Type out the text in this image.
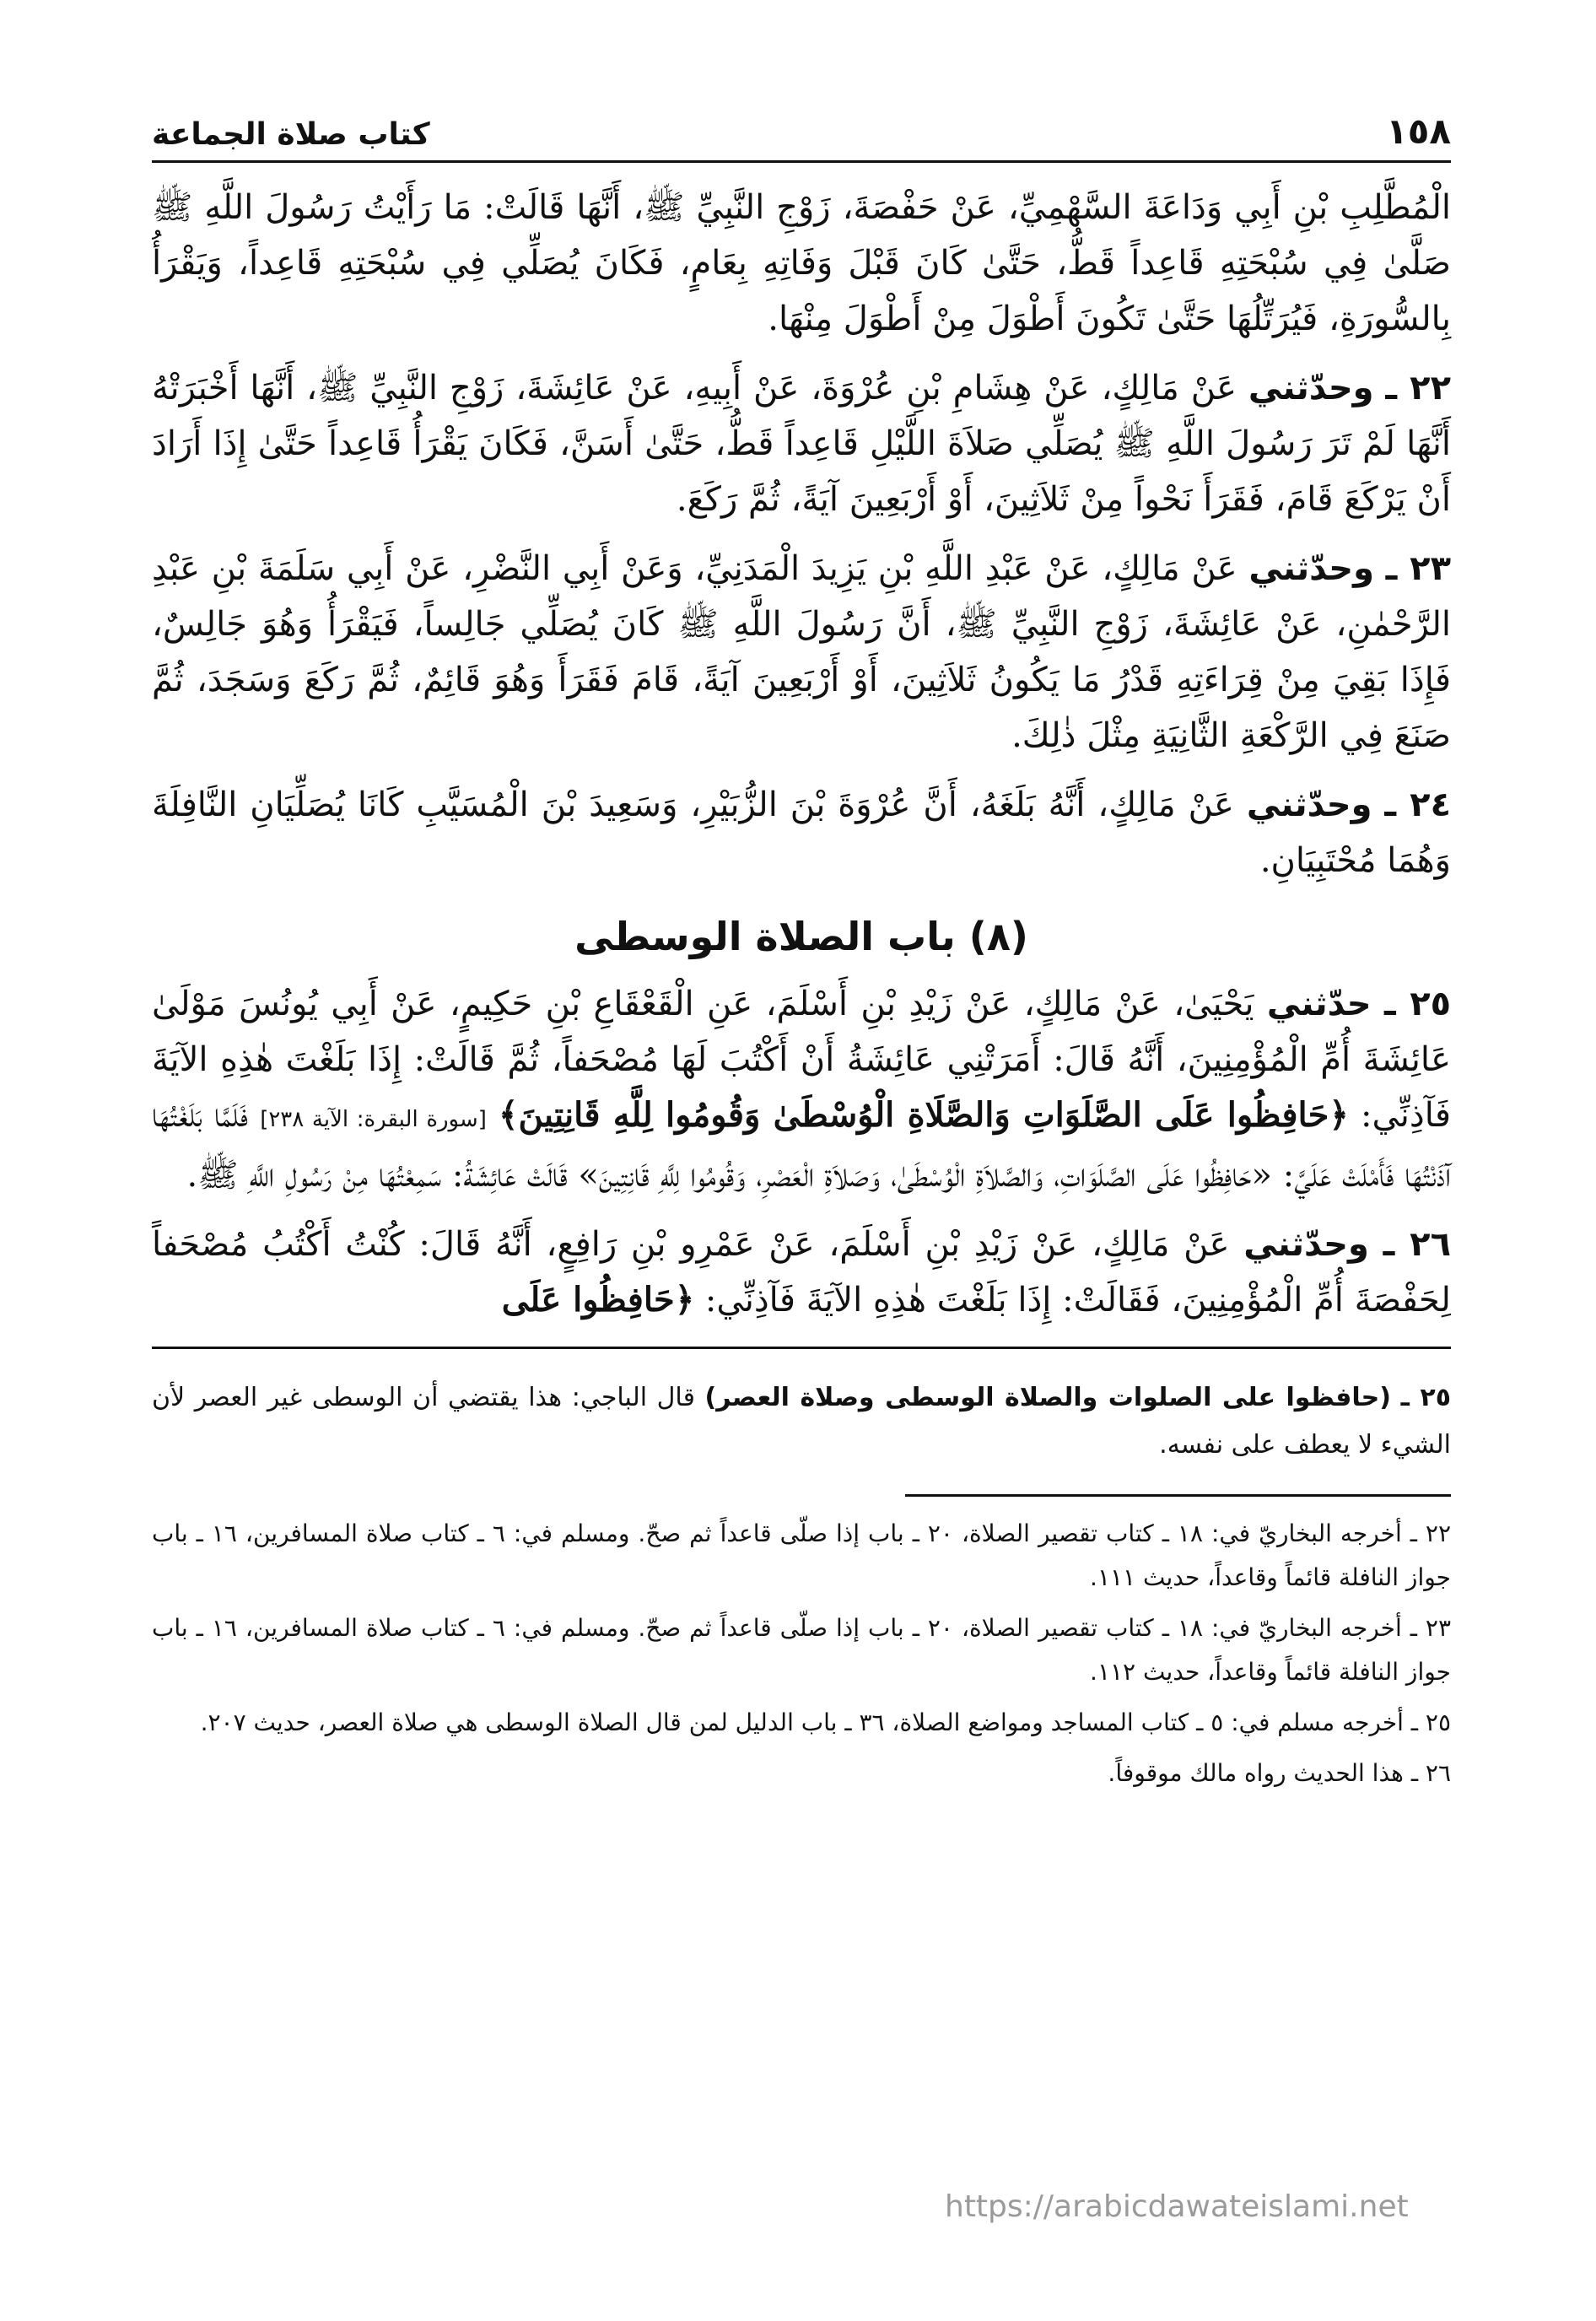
١٥٨
كتاب صلاة الجماعة

الْمُطَّلِبِ بْنِ أَبِي وَدَاعَةَ السَّهْمِيِّ، عَنْ حَفْصَةَ، زَوْجِ النَّبِيِّ ﷺ، أَنَّهَا قَالَتْ: مَا رَأَيْتُ رَسُولَ اللَّهِ ﷺ صَلَّىٰ فِي سُبْحَتِهِ قَاعِداً قَطُّ، حَتَّىٰ كَانَ قَبْلَ وَفَاتِهِ بِعَامٍ، فَكَانَ يُصَلِّي فِي سُبْحَتِهِ قَاعِداً، وَيَقْرَأُ بِالسُّورَةِ، فَيُرَتِّلُهَا حَتَّىٰ تَكُونَ أَطْوَلَ مِنْ أَطْوَلَ مِنْهَا.

٢٢ ـ وحدّثني عَنْ مَالِكٍ، عَنْ هِشَامِ بْنِ عُرْوَةَ، عَنْ أَبِيهِ، عَنْ عَائِشَةَ، زَوْجِ النَّبِيِّ ﷺ، أَنَّهَا أَخْبَرَتْهُ أَنَّهَا لَمْ تَرَ رَسُولَ اللَّهِ ﷺ يُصَلِّي صَلاَةَ اللَّيْلِ قَاعِداً قَطُّ، حَتَّىٰ أَسَنَّ، فَكَانَ يَقْرَأُ قَاعِداً حَتَّىٰ إِذَا أَرَادَ أَنْ يَرْكَعَ قَامَ، فَقَرَأَ نَحْواً مِنْ ثَلاَثِينَ، أَوْ أَرْبَعِينَ آيَةً، ثُمَّ رَكَعَ.

٢٣ ـ وحدّثني عَنْ مَالِكٍ، عَنْ عَبْدِ اللَّهِ بْنِ يَزِيدَ الْمَدَنِيِّ، وَعَنْ أَبِي النَّضْرِ، عَنْ أَبِي سَلَمَةَ بْنِ عَبْدِ الرَّحْمٰنِ، عَنْ عَائِشَةَ، زَوْجِ النَّبِيِّ ﷺ، أَنَّ رَسُولَ اللَّهِ ﷺ كَانَ يُصَلِّي جَالِساً، فَيَقْرَأُ وَهُوَ جَالِسٌ، فَإِذَا بَقِيَ مِنْ قِرَاءَتِهِ قَدْرُ مَا يَكُونُ ثَلاَثِينَ، أَوْ أَرْبَعِينَ آيَةً، قَامَ فَقَرَأَ وَهُوَ قَائِمٌ، ثُمَّ رَكَعَ وَسَجَدَ، ثُمَّ صَنَعَ فِي الرَّكْعَةِ الثَّانِيَةِ مِثْلَ ذٰلِكَ.

٢٤ ـ وحدّثني عَنْ مَالِكٍ، أَنَّهُ بَلَغَهُ، أَنَّ عُرْوَةَ بْنَ الزُّبَيْرِ، وَسَعِيدَ بْنَ الْمُسَيَّبِ كَانَا يُصَلِّيَانِ النَّافِلَةَ وَهُمَا مُحْتَبِيَانِ.

(٨) باب الصلاة الوسطى

٢٥ ـ حدّثني يَحْيَىٰ، عَنْ مَالِكٍ، عَنْ زَيْدِ بْنِ أَسْلَمَ، عَنِ الْقَعْقَاعِ بْنِ حَكِيمٍ، عَنْ أَبِي يُونُسَ مَوْلَىٰ عَائِشَةَ أُمِّ الْمُؤْمِنِينَ، أَنَّهُ قَالَ: أَمَرَتْنِي عَائِشَةُ أَنْ أَكْتُبَ لَهَا مُصْحَفاً، ثُمَّ قَالَتْ: إِذَا بَلَغْتَ هٰذِهِ الآيَةَ فَآذِنِّي: ﴿حَافِظُوا عَلَى الصَّلَوَاتِ وَالصَّلَاةِ الْوُسْطَىٰ وَقُومُوا لِلَّهِ قَانِتِينَ﴾ [سورة البقرة: الآية ٢٣٨] فَلَمَّا بَلَغْتُهَا آذَنْتُهَا فَأَمْلَتْ عَلَيَّ: «حَافِظُوا عَلَى الصَّلَوَاتِ، وَالصَّلاَةِ الْوُسْطَىٰ، وَصَلاَةِ الْعَصْرِ، وَقُومُوا لِلَّهِ قَانِتِينَ» قَالَتْ عَائِشَةُ: سَمِعْتُهَا مِنْ رَسُولِ اللَّهِ ﷺ.

٢٦ ـ وحدّثني عَنْ مَالِكٍ، عَنْ زَيْدِ بْنِ أَسْلَمَ، عَنْ عَمْرِو بْنِ رَافِعٍ، أَنَّهُ قَالَ: كُنْتُ أَكْتُبُ مُصْحَفاً لِحَفْصَةَ أُمِّ الْمُؤْمِنِينَ، فَقَالَتْ: إِذَا بَلَغْتَ هٰذِهِ الآيَةَ فَآذِنِّي: ﴿حَافِظُوا عَلَى

٢٥ ـ (حافظوا على الصلوات والصلاة الوسطى وصلاة العصر) قال الباجي: هذا يقتضي أن الوسطى غير العصر لأن الشيء لا يعطف على نفسه.

٢٢ ـ أخرجه البخاريّ في: ١٨ ـ كتاب تقصير الصلاة، ٢٠ ـ باب إذا صلّى قاعداً ثم صحّ. ومسلم في: ٦ ـ كتاب صلاة المسافرين، ١٦ ـ باب جواز النافلة قائماً وقاعداً، حديث ١١١.

٢٣ ـ أخرجه البخاريّ في: ١٨ ـ كتاب تقصير الصلاة، ٢٠ ـ باب إذا صلّى قاعداً ثم صحّ. ومسلم في: ٦ ـ كتاب صلاة المسافرين، ١٦ ـ باب جواز النافلة قائماً وقاعداً، حديث ١١٢.

٢٥ ـ أخرجه مسلم في: ٥ ـ كتاب المساجد ومواضع الصلاة، ٣٦ ـ باب الدليل لمن قال الصلاة الوسطى هي صلاة العصر، حديث ٢٠٧.

٢٦ ـ هذا الحديث رواه مالك موقوفاً.

https://arabicdawateislami.net
